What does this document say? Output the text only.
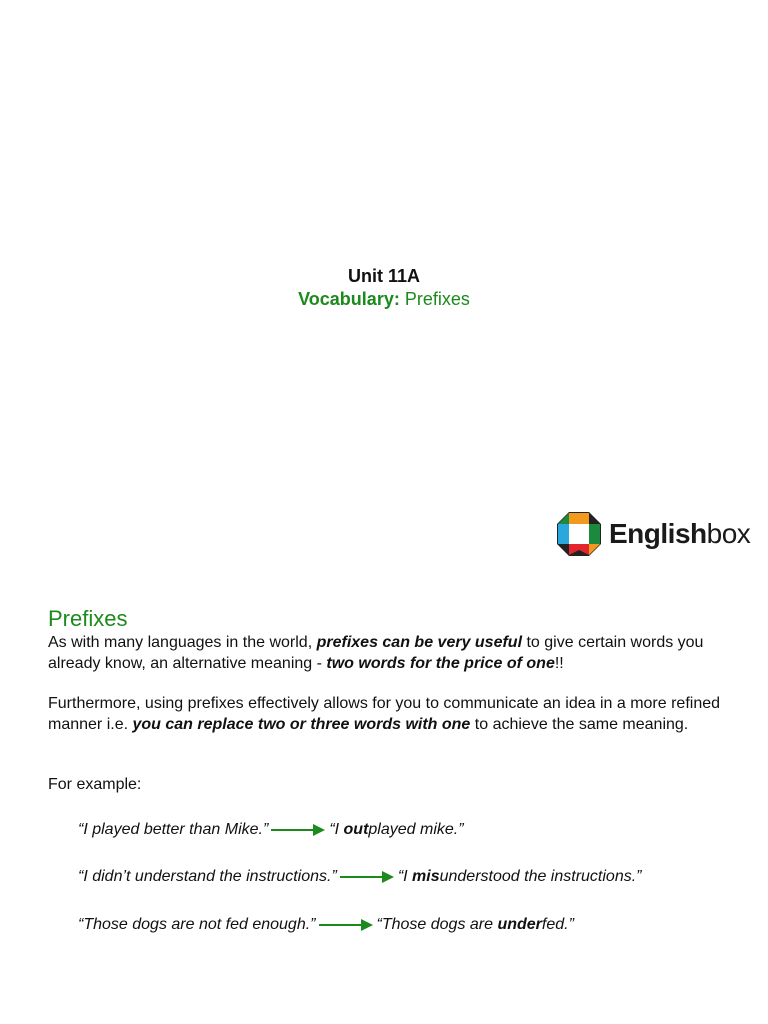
Unit 11A
Vocabulary: Prefixes
Englishbox
Prefixes

As with many languages in the world, prefixes can be very useful to give certain words you already know, an alternative meaning - two words for the price of one!!

Furthermore, using prefixes effectively allows for you to communicate an idea in a more refined manner i.e. you can replace two or three words with one to achieve the same meaning.

For example:

“I played better than Mike.”	“I outplayed mike.”
“I didn’t understand the instructions.”	“I misunderstood the instructions.”
“Those dogs are not fed enough.”	“Those dogs are underfed.”
